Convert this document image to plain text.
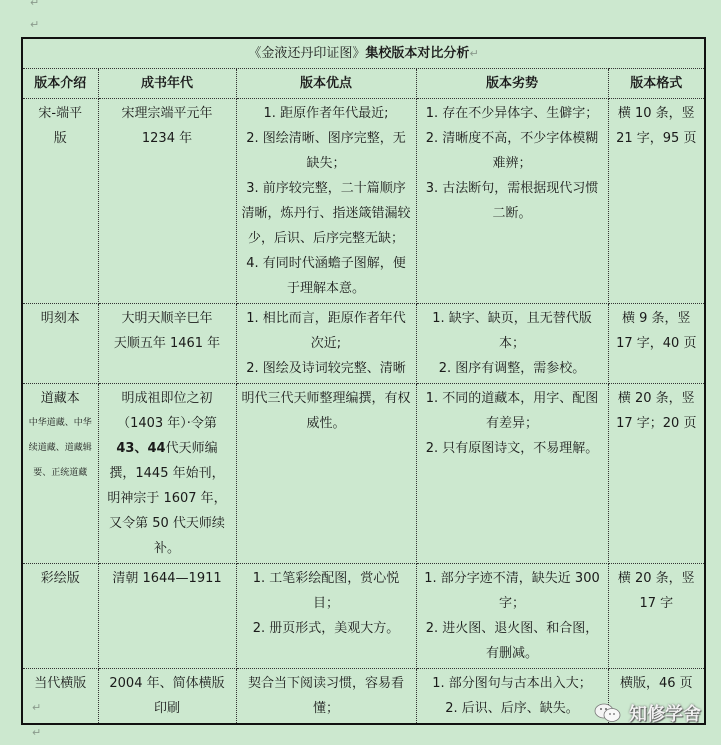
↵
↵
《金液还丹印证图》集校版本对比分析↵				
版本介绍	成书年代	版本优点	版本劣势	版本格式

宋-端平
版	宋理宗端平元年
1234 年	1. 距原作者年代最近;
2. 图绘清晰、图序完整，无缺失；
3. 前序较完整，二十篇顺序清晰，炼丹行、指迷箴错漏较少，后识、后序完整无缺；
4. 有同时代涵蟾子图解，便于理解本意。	1. 存在不少异体字、生僻字；
2. 清晰度不高，不少字体模糊难辨；
3. 古法断句，需根据现代习惯二断。	横 10 条，竖 21 字，95 页

明刻本	大明天顺辛巳年
天顺五年 1461 年	1. 相比而言，距原作者年代次近;
2. 图绘及诗词较完整、清晰	1. 缺字、缺页，且无替代版本；
2. 图序有调整，需参校。	横 9 条，竖 17 字，40 页

道藏本
中华道藏、中华续道藏、道藏辑要、正统道藏	明成祖即位之初（1403 年）·令第43、44代天师编撰，1445 年始刊，明神宗于 1607 年，又令第 50 代天师续补。	明代三代天师整理编撰，有权威性。	1. 不同的道藏本，用字、配图有差异；
2. 只有原图诗文，不易理解。	横 20 条，竖 17 字；20 页

彩绘版	清朝 1644—1911	1. 工笔彩绘配图，赏心悦目；
2. 册页形式，美观大方。	1. 部分字迹不清，缺失近 300 字；
2. 进火图、退火图、和合图，有删减。	横 20 条，竖 17 字

当代横版	2004 年、简体横版印刷	契合当下阅读习惯，容易看懂；	1. 部分图句与古本出入大；
2. 后识、后序、缺失。	横版，46 页
↵
↵
知修学舍
